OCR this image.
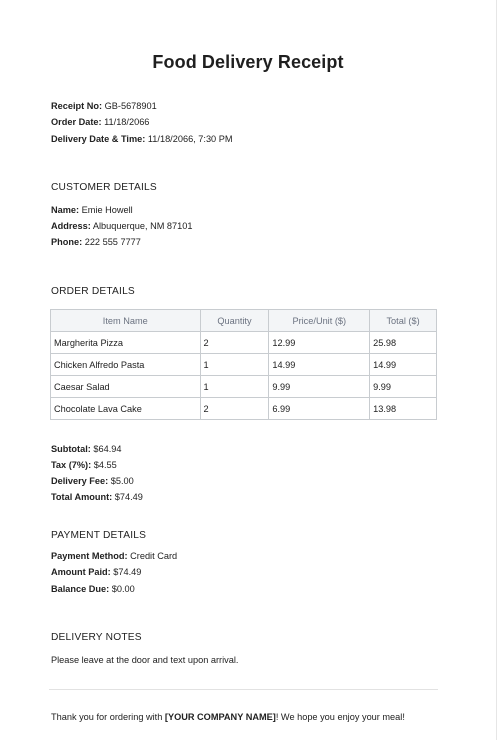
Food Delivery Receipt
Receipt No: GB-5678901
Order Date: 11/18/2066
Delivery Date & Time: 11/18/2066, 7:30 PM
CUSTOMER DETAILS
Name: Emie Howell
Address: Albuquerque, NM 87101
Phone: 222 555 7777
ORDER DETAILS
Item Name	Quantity	Price/Unit ($)	Total ($)
Margherita Pizza	2	12.99	25.98
Chicken Alfredo Pasta	1	14.99	14.99
Caesar Salad	1	9.99	9.99
Chocolate Lava Cake	2	6.99	13.98
Subtotal: $64.94
Tax (7%): $4.55
Delivery Fee: $5.00
Total Amount: $74.49
PAYMENT DETAILS
Payment Method: Credit Card
Amount Paid: $74.49
Balance Due: $0.00
DELIVERY NOTES
Please leave at the door and text upon arrival.
Thank you for ordering with [YOUR COMPANY NAME]! We hope you enjoy your meal!
